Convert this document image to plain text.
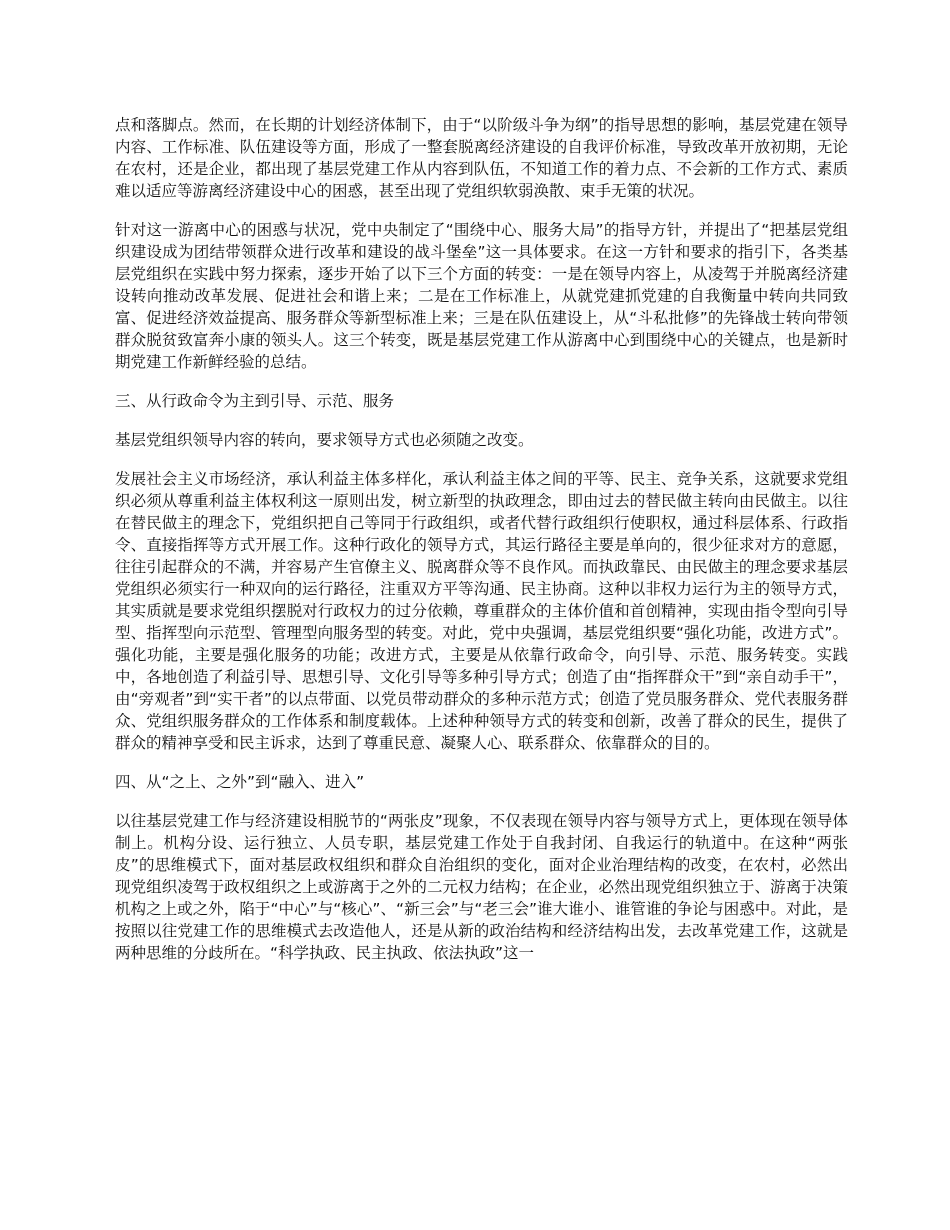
点和落脚点。然而，在长期的计划经济体制下，由于“以阶级斗争为纲”的指导思想的影响，基层党建在领导内容、工作标准、队伍建设等方面，形成了一整套脱离经济建设的自我评价标准，导致改革开放初期，无论在农村，还是企业，都出现了基层党建工作从内容到队伍，不知道工作的着力点、不会新的工作方式、素质难以适应等游离经济建设中心的困惑，甚至出现了党组织软弱涣散、束手无策的状况。

针对这一游离中心的困惑与状况，党中央制定了“围绕中心、服务大局”的指导方针，并提出了“把基层党组织建设成为团结带领群众进行改革和建设的战斗堡垒”这一具体要求。在这一方针和要求的指引下，各类基层党组织在实践中努力探索，逐步开始了以下三个方面的转变：一是在领导内容上，从凌驾于并脱离经济建设转向推动改革发展、促进社会和谐上来；二是在工作标准上，从就党建抓党建的自我衡量中转向共同致富、促进经济效益提高、服务群众等新型标准上来；三是在队伍建设上，从“斗私批修”的先锋战士转向带领群众脱贫致富奔小康的领头人。这三个转变，既是基层党建工作从游离中心到围绕中心的关键点，也是新时期党建工作新鲜经验的总结。

三、从行政命令为主到引导、示范、服务

基层党组织领导内容的转向，要求领导方式也必须随之改变。

发展社会主义市场经济，承认利益主体多样化，承认利益主体之间的平等、民主、竞争关系，这就要求党组织必须从尊重利益主体权利这一原则出发，树立新型的执政理念，即由过去的替民做主转向由民做主。以往在替民做主的理念下，党组织把自己等同于行政组织，或者代替行政组织行使职权，通过科层体系、行政指令、直接指挥等方式开展工作。这种行政化的领导方式，其运行路径主要是单向的，很少征求对方的意愿，往往引起群众的不满，并容易产生官僚主义、脱离群众等不良作风。而执政靠民、由民做主的理念要求基层党组织必须实行一种双向的运行路径，注重双方平等沟通、民主协商。这种以非权力运行为主的领导方式，其实质就是要求党组织摆脱对行政权力的过分依赖，尊重群众的主体价值和首创精神，实现由指令型向引导型、指挥型向示范型、管理型向服务型的转变。对此，党中央强调，基层党组织要“强化功能，改进方式”。强化功能，主要是强化服务的功能；改进方式，主要是从依靠行政命令，向引导、示范、服务转变。实践中，各地创造了利益引导、思想引导、文化引导等多种引导方式；创造了由“指挥群众干”到“亲自动手干”，由“旁观者”到“实干者”的以点带面、以党员带动群众的多种示范方式；创造了党员服务群众、党代表服务群众、党组织服务群众的工作体系和制度载体。上述种种领导方式的转变和创新，改善了群众的民生，提供了群众的精神享受和民主诉求，达到了尊重民意、凝聚人心、联系群众、依靠群众的目的。

四、从“之上、之外”到“融入、进入”

以往基层党建工作与经济建设相脱节的“两张皮”现象，不仅表现在领导内容与领导方式上，更体现在领导体制上。机构分设、运行独立、人员专职，基层党建工作处于自我封闭、自我运行的轨道中。在这种“两张皮”的思维模式下，面对基层政权组织和群众自治组织的变化，面对企业治理结构的改变，在农村，必然出现党组织凌驾于政权组织之上或游离于之外的二元权力结构；在企业，必然出现党组织独立于、游离于决策机构之上或之外，陷于“中心”与“核心”、“新三会”与“老三会”谁大谁小、谁管谁的争论与困惑中。对此，是按照以往党建工作的思维模式去改造他人，还是从新的政治结构和经济结构出发，去改革党建工作，这就是两种思维的分歧所在。“科学执政、民主执政、依法执政”这一
